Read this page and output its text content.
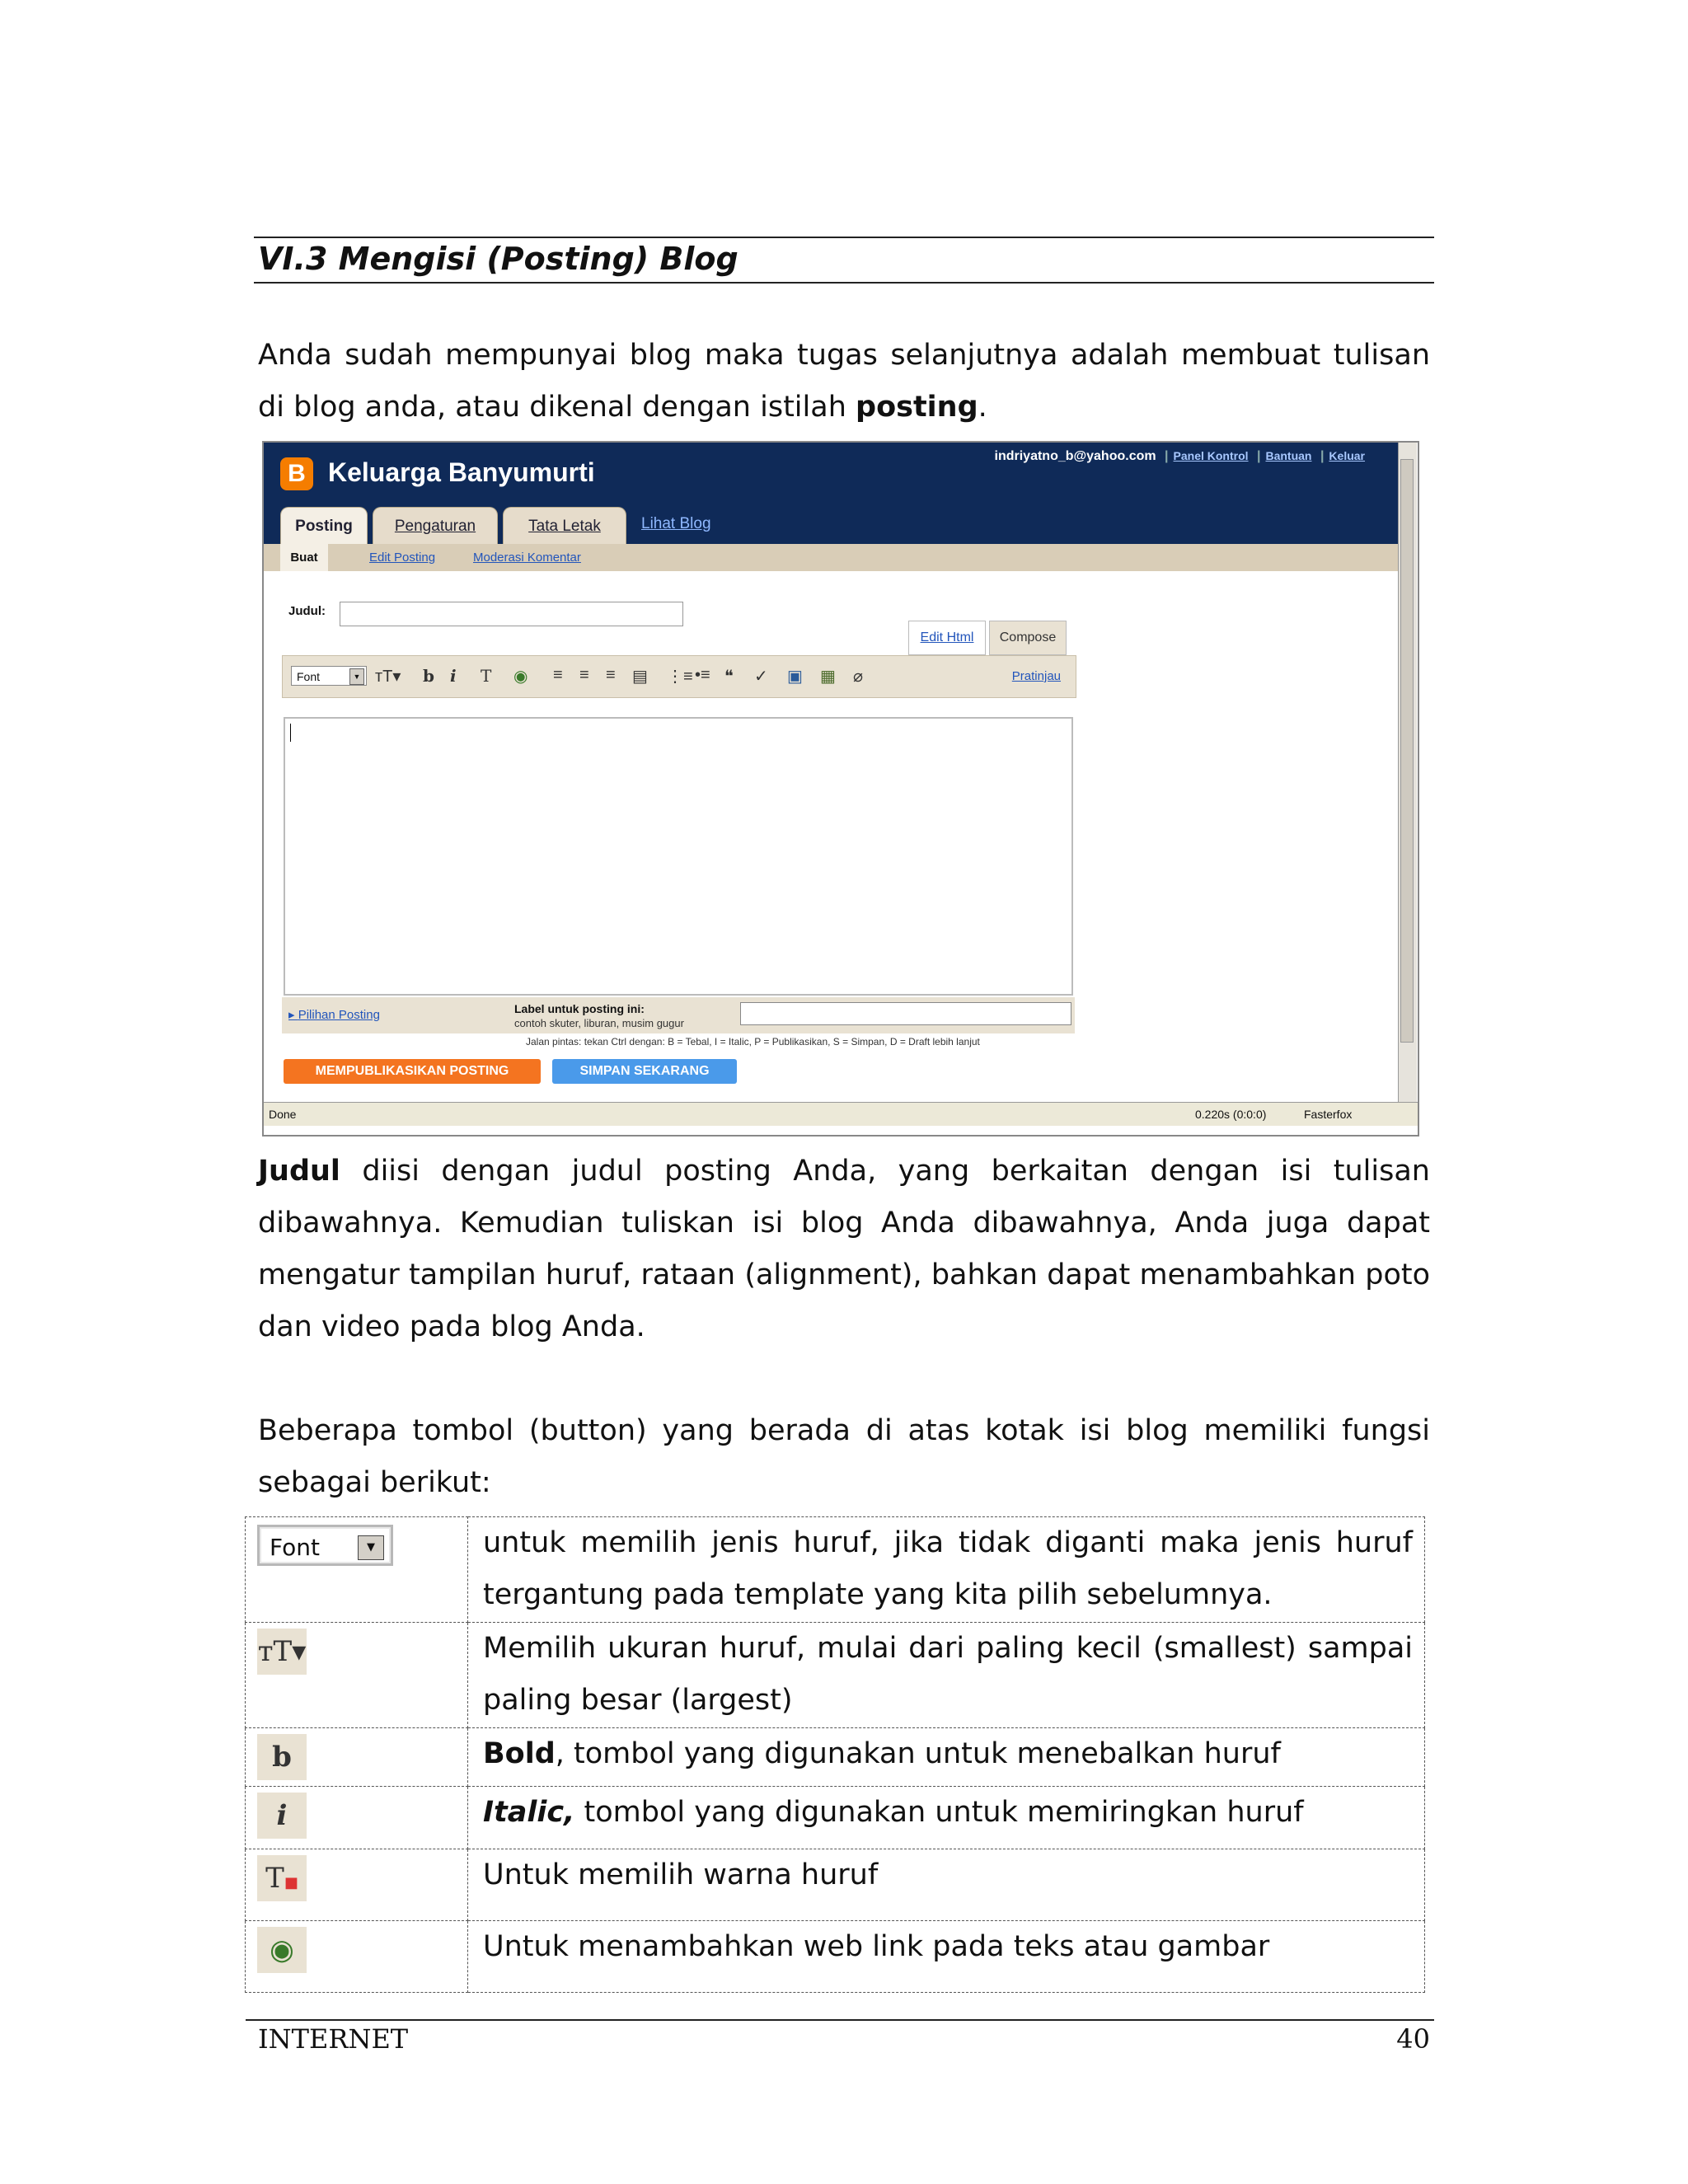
VI.3 Mengisi (Posting) Blog
Anda sudah mempunyai blog maka tugas selanjutnya adalah membuat tulisan di blog anda, atau dikenal dengan istilah posting.
B Keluarga Banyumurti
indriyatno_b@yahoo.com | Panel Kontrol | Bantuan | Keluar
Posting	Pengaturan	Tata Letak	Lihat Blog
Buat	Edit Posting	Moderasi Komentar
Judul:
Edit Html	Compose
Font	▼ ᴛT▾ b i T ◉ ≡ ≡ ≡ ▤ ⋮≡ •≡ ❝ ✓ ▣ ▦ ⌀	Pratinjau
▸ Pilihan Posting	Label untuk posting ini:
contoh skuter, liburan, musim gugur
Jalan pintas: tekan Ctrl dengan: B = Tebal, I = Italic, P = Publikasikan, S = Simpan, D = Draft lebih lanjut
MEMPUBLIKASIKAN POSTING	SIMPAN SEKARANG
Done	0.220s (0:0:0)	Fasterfox
Judul diisi dengan judul posting Anda, yang berkaitan dengan isi tulisan dibawahnya. Kemudian tuliskan isi blog Anda dibawahnya, Anda juga dapat mengatur tampilan huruf, rataan (alignment), bahkan dapat menambahkan poto dan video pada blog Anda.
Beberapa tombol (button) yang berada di atas kotak isi blog memiliki fungsi sebagai berikut:
Font ▼	untuk memilih jenis huruf, jika tidak diganti maka jenis huruf tergantung pada template yang kita pilih sebelumnya.
ᴛT▾	Memilih ukuran huruf, mulai dari paling kecil (smallest) sampai paling besar (largest)
b	Bold, tombol yang digunakan untuk menebalkan huruf
i	Italic, tombol yang digunakan untuk memiringkan huruf
T■	Untuk memilih warna huruf
◉	Untuk menambahkan web link pada teks atau gambar
INTERNET	40
